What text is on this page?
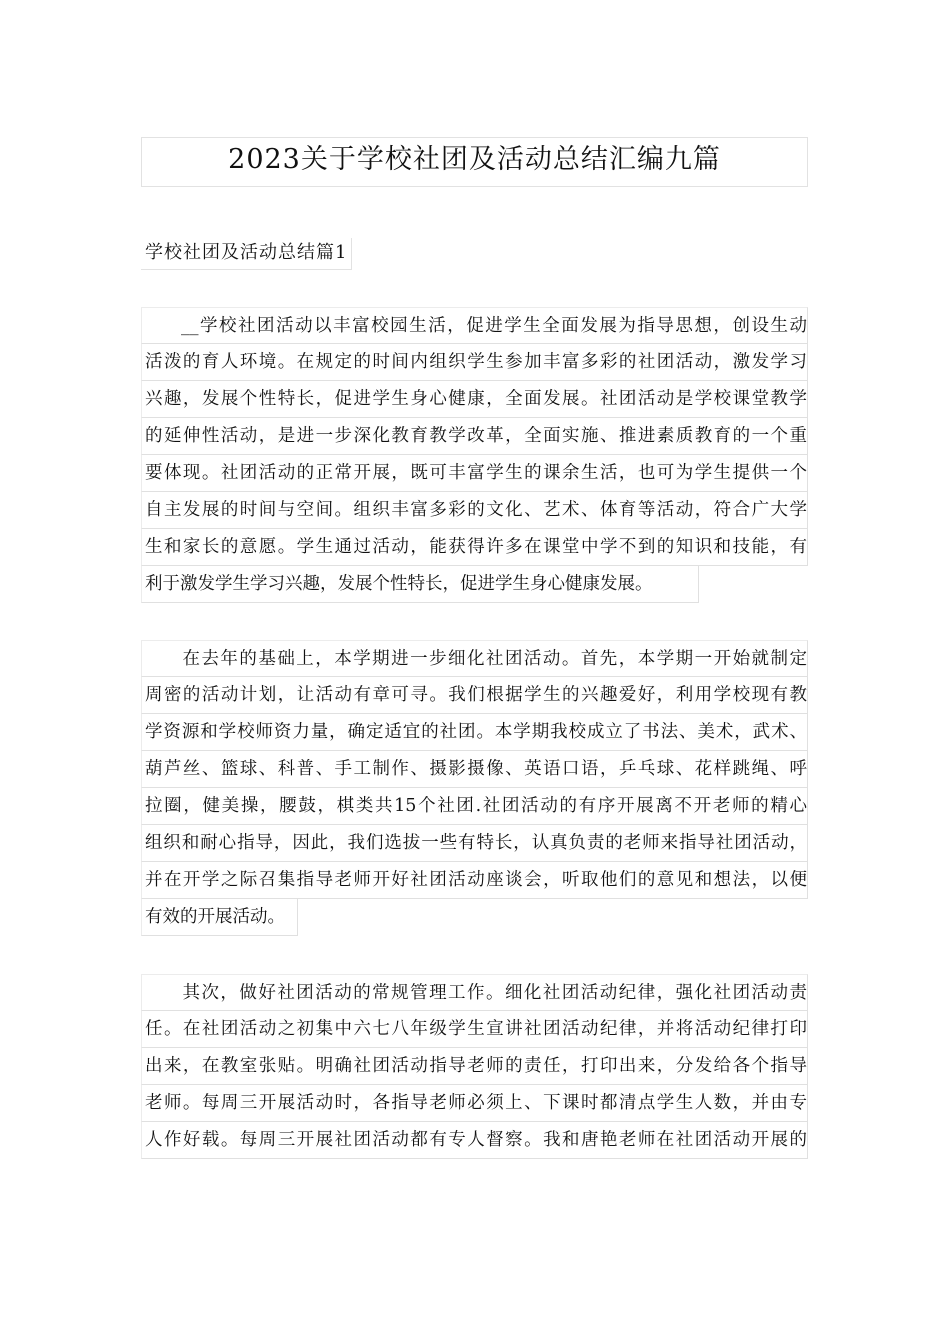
2023关于学校社团及活动总结汇编九篇
学校社团及活动总结篇1
__学校社团活动以丰富校园生活，促进学生全面发展为指导思想，创设生动
活泼的育人环境。在规定的时间内组织学生参加丰富多彩的社团活动，激发学习
兴趣，发展个性特长，促进学生身心健康，全面发展。社团活动是学校课堂教学
的延伸性活动，是进一步深化教育教学改革，全面实施、推进素质教育的一个重
要体现。社团活动的正常开展，既可丰富学生的课余生活，也可为学生提供一个
自主发展的时间与空间。组织丰富多彩的文化、艺术、体育等活动，符合广大学
生和家长的意愿。学生通过活动，能获得许多在课堂中学不到的知识和技能，有
利于激发学生学习兴趣，发展个性特长，促进学生身心健康发展。
在去年的基础上，本学期进一步细化社团活动。首先，本学期一开始就制定
周密的活动计划，让活动有章可寻。我们根据学生的兴趣爱好，利用学校现有教
学资源和学校师资力量，确定适宜的社团。本学期我校成立了书法、美术，武术、
葫芦丝、篮球、科普、手工制作、摄影摄像、英语口语，乒乓球、花样跳绳、呼
拉圈，健美操，腰鼓，棋类共15个社团.社团活动的有序开展离不开老师的精心
组织和耐心指导，因此，我们选拔一些有特长，认真负责的老师来指导社团活动，
并在开学之际召集指导老师开好社团活动座谈会，听取他们的意见和想法，以便
有效的开展活动。
其次，做好社团活动的常规管理工作。细化社团活动纪律，强化社团活动责
任。在社团活动之初集中六七八年级学生宣讲社团活动纪律，并将活动纪律打印
出来，在教室张贴。明确社团活动指导老师的责任，打印出来，分发给各个指导
老师。每周三开展活动时，各指导老师必须上、下课时都清点学生人数，并由专
人作好载。每周三开展社团活动都有专人督察。我和唐艳老师在社团活动开展的
